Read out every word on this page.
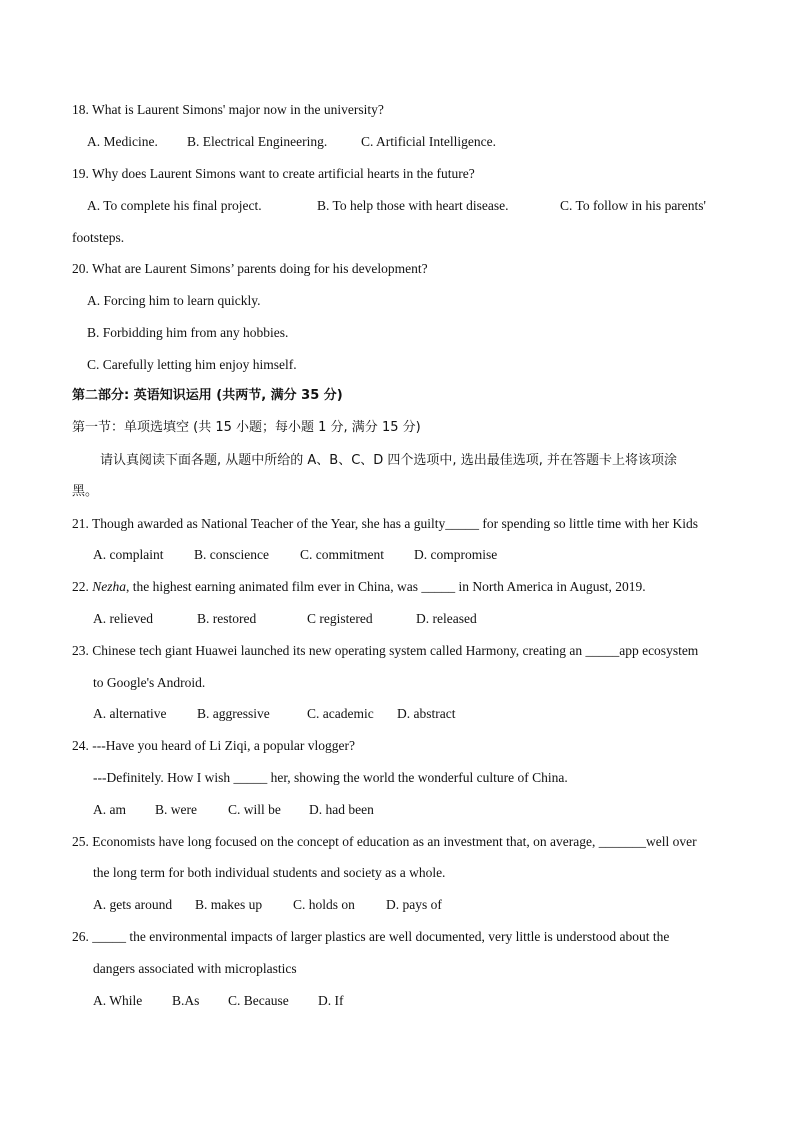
18. What is Laurent Simons' major now in the university?
A. Medicine. B. Electrical Engineering.	C. Artificial Intelligence.
19. Why does Laurent Simons want to create artificial hearts in the future?
A. To complete his final project.	B. To help those with heart disease.	C. To follow in his parents'
footsteps.
20. What are Laurent Simons’ parents doing for his development?
A. Forcing him to learn quickly.
B. Forbidding him from any hobbies.
C. Carefully letting him enjoy himself.
第二部分: 英语知识运用 (共两节, 满分 35 分)
第一节：单项选填空 (共 15 小题；每小题 1 分, 满分 15 分)
请认真阅读下面各题, 从题中所给的 A、B、C、D 四个选项中, 选出最佳选项, 并在答题卡上将该项涂
黑。
21. Though awarded as National Teacher of the Year, she has a guilty_____ for spending so little time with her Kids
A. complaint B. conscience C. commitment D. compromise
22. Nezha, the highest earning animated film ever in China, was _____ in North America in August, 2019.
A. relieved	B. restored	C registered	D. released
23. Chinese tech giant Huawei launched its new operating system called Harmony, creating an _____app ecosystem
to Google's Android.
A. alternative B. aggressive	C. academic D. abstract
24. ---Have you heard of Li Ziqi, a popular vlogger?
---Definitely. How I wish _____ her, showing the world the wonderful culture of China.
A. am B. were C. will be D. had been
25. Economists have long focused on the concept of education as an investment that, on average, _______well over
the long term for both individual students and society as a whole.
A. gets around B. makes up C. holds on D. pays of
26. _____ the environmental impacts of larger plastics are well documented, very little is understood about the
dangers associated with microplastics
A. While B.As C. Because D. If
